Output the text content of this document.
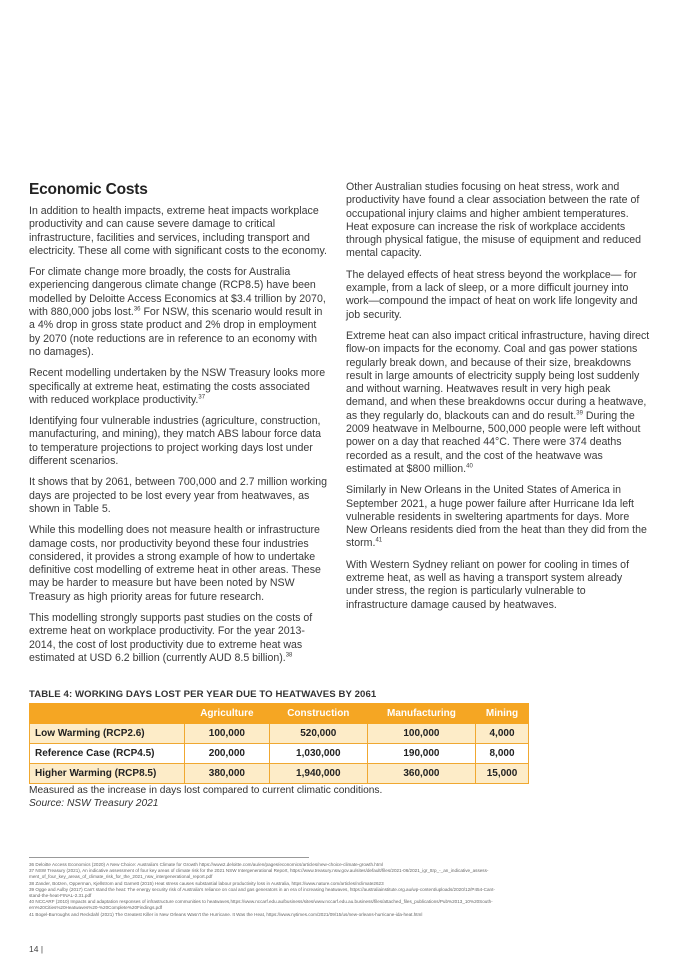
Economic Costs

In addition to health impacts, extreme heat impacts workplace productivity and can cause severe damage to critical infrastructure, facilities and services, including transport and electricity. These all come with significant costs to the economy.

For climate change more broadly, the costs for Australia experiencing dangerous climate change (RCP8.5) have been modelled by Deloitte Access Economics at $3.4 trillion by 2070, with 880,000 jobs lost.$^{36}$ For NSW, this scenario would result in a 4% drop in gross state product and 2% drop in employment by 2070 (note reductions are in reference to an economy with no damages).

Recent modelling undertaken by the NSW Treasury looks more specifically at extreme heat, estimating the costs associated with reduced workplace productivity.$^{37}$

Identifying four vulnerable industries (agriculture, construction, manufacturing, and mining), they match ABS labour force data to temperature projections to project working days lost under different scenarios.

It shows that by 2061, between 700,000 and 2.7 million working days are projected to be lost every year from heatwaves, as shown in Table 5.

While this modelling does not measure health or infrastructure damage costs, nor productivity beyond these four industries considered, it provides a strong example of how to undertake definitive cost modelling of extreme heat in other areas. These may be harder to measure but have been noted by NSW Treasury as high priority areas for future research.

This modelling strongly supports past studies on the costs of extreme heat on workplace productivity. For the year 2013-2014, the cost of lost productivity due to extreme heat was estimated at USD 6.2 billion (currently AUD 8.5 billion).$^{38}$

Other Australian studies focusing on heat stress, work and productivity have found a clear association between the rate of occupational injury claims and higher ambient temperatures. Heat exposure can increase the risk of workplace accidents through physical fatigue, the misuse of equipment and reduced mental capacity.

The delayed effects of heat stress beyond the workplace— for example, from a lack of sleep, or a more difficult journey into work—compound the impact of heat on work life longevity and job security.

Extreme heat can also impact critical infrastructure, having direct flow-on impacts for the economy. Coal and gas power stations regularly break down, and because of their size, breakdowns result in large amounts of electricity supply being lost suddenly and without warning. Heatwaves result in very high peak demand, and when these breakdowns occur during a heatwave, as they regularly do, blackouts can and do result.$^{39}$ During the 2009 heatwave in Melbourne, 500,000 people were left without power on a day that reached 44°C. There were 374 deaths recorded as a result, and the cost of the heatwave was estimated at $800 million.$^{40}$

Similarly in New Orleans in the United States of America in September 2021, a huge power failure after Hurricane Ida left vulnerable residents in sweltering apartments for days. More New Orleans residents died from the heat than they did from the storm.$^{41}$

With Western Sydney reliant on power for cooling in times of extreme heat, as well as having a transport system already under stress, the region is particularly vulnerable to infrastructure damage caused by heatwaves.

TABLE 4: WORKING DAYS LOST PER YEAR DUE TO HEATWAVES BY 2061
	Agriculture	Construction	Manufacturing	Mining
Low Warming (RCP2.6)	100,000	520,000	100,000	4,000
Reference Case (RCP4.5)	200,000	1,030,000	190,000	8,000
Higher Warming (RCP8.5)	380,000	1,940,000	360,000	15,000
Measured as the increase in days lost compared to current climatic conditions.
Source: NSW Treasury 2021
36 Deloitte Access Economics (2020) A New Choice: Australia's Climate for Growth https://www2.deloitte.com/au/en/pages/economics/articles/new-choice-climate-growth.html
37 NSW Treasury (2021), An indicative assessment of four key areas of climate risk for the 2021 NSW Intergenerational Report, https://www.treasury.nsw.gov.au/sites/default/files/2021-06/2021_igr_ttrp_-_an_indicative_assess-
ment_of_four_key_areas_of_climate_risk_for_the_2021_nsw_intergenerational_report.pdf
38 Zander, Botzen, Opperman, Kjellstrom and Garnett (2015) Heat stress causes substantial labour productivity loss in Australia, https://www.nature.com/articles/nclimate2623
39 Ogge and Aulby (2017) Can't stand the heat: The energy security risk of Australia's reliance on coal and gas generators in an era of increasing heatwaves, https://australiainstitute.org.au/wp-content/uploads/2020/12/P454-Cant-
stand-the-heat-FINAL-2.31.pdf
40 NCCARF (2010) Impacts and adaptation responses of infrastructure communities to heatwaves,https://www.nccarf.edu.au/business/sites/www.nccarf.edu.au.business/files/attached_files_publications/Pub%2013_10%20South-
ern%20Cities%20Heatwaves%20-%20Complete%20Findings.pdf
41 Bogel-Burroughs and Reckdahl (2021) The Greatest Killer in New Orleans Wasn't the Hurricane. It Was the Heat, https://www.nytimes.com/2021/09/15/us/new-orleans-hurricane-ida-heat.html
14 |
